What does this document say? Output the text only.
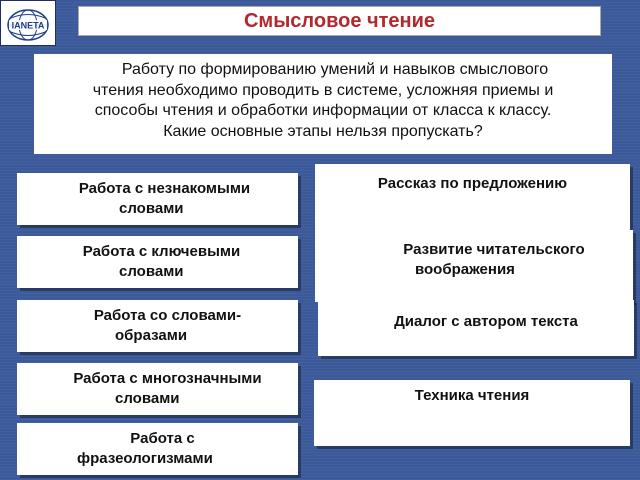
IANETA	Смысловое чтение
Работу по формированию умений и навыков смыслового
чтения необходимо проводить в системе, усложняя приемы и
способы чтения и обработки информации от класса к классу.
Какие основные этапы нельзя пропускать?
Работа с незнакомыми
словами
Работа с ключевыми
словами
Работа со словами-
образами
Работа с многозначными
словами
Работа с
фразеологизмами
Рассказ по предложению
Развитие читательского
воображения
Диалог с автором текста
Техника чтения
